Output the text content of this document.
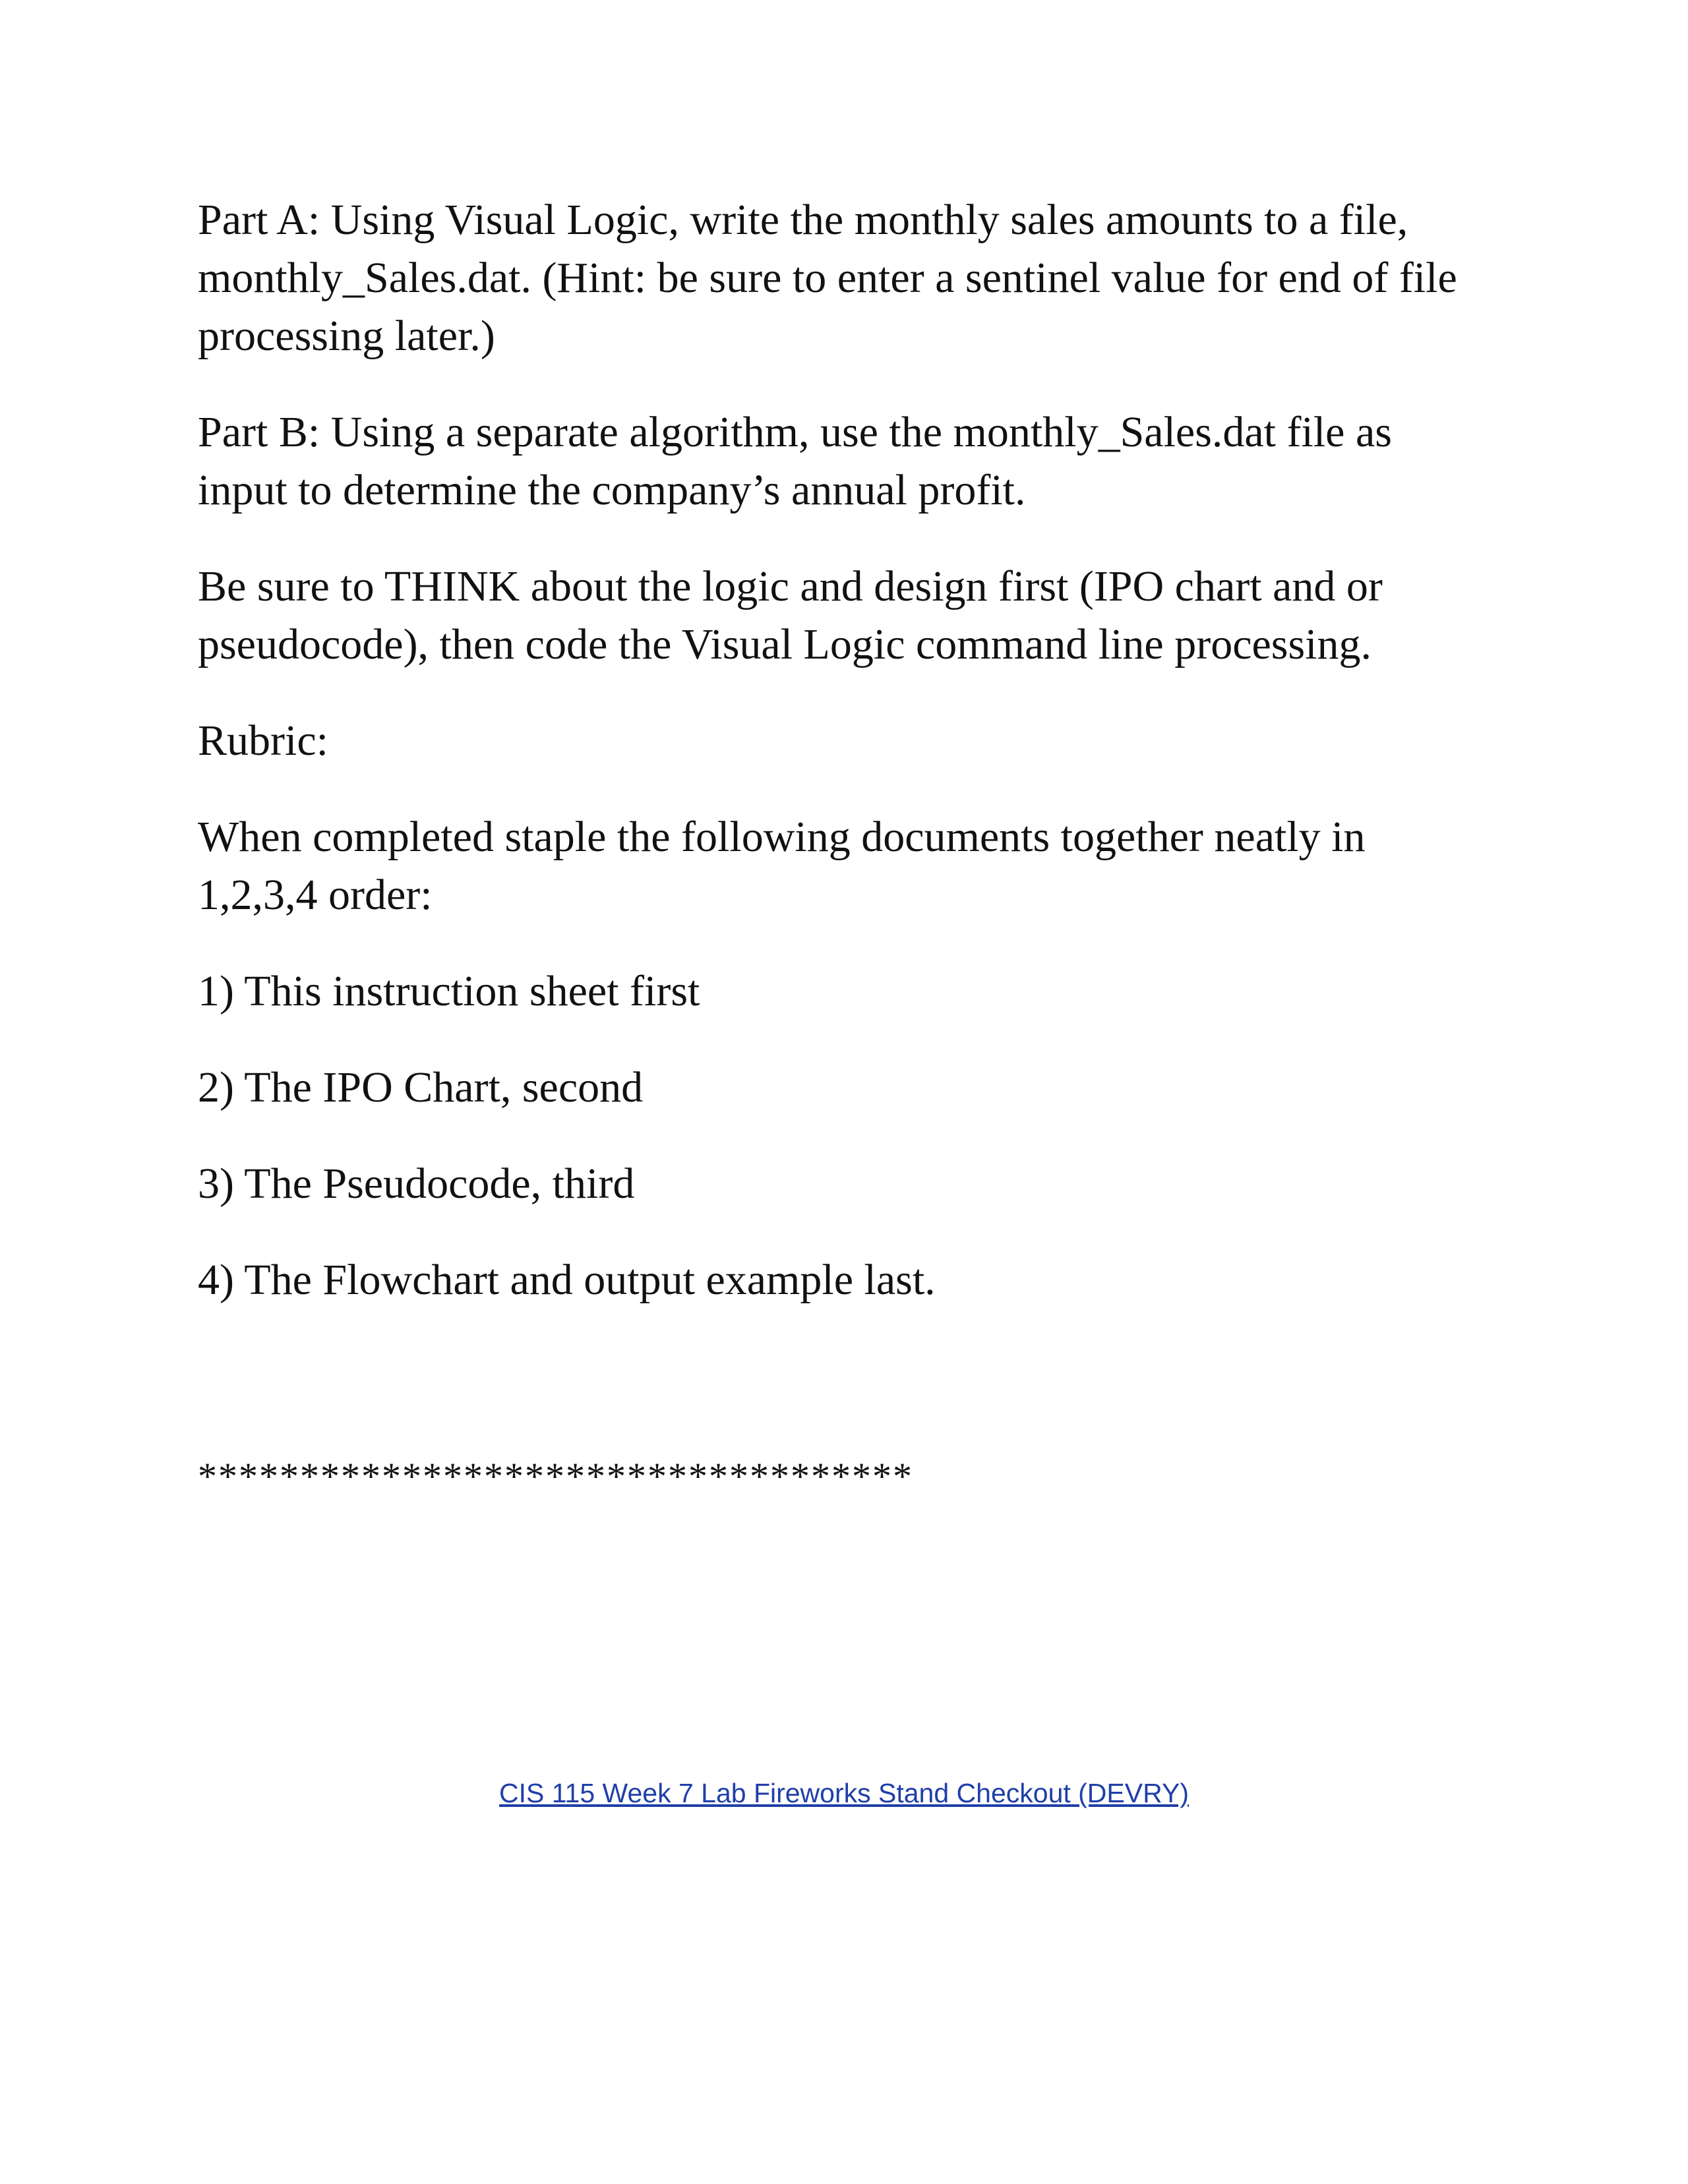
Part A: Using Visual Logic, write the monthly sales amounts to a file,

monthly_Sales.dat. (Hint: be sure to enter a sentinel value for end of file

processing later.)

Part B: Using a separate algorithm, use the monthly_Sales.dat file as

input to determine the company’s annual profit.

Be sure to THINK about the logic and design first (IPO chart and or

pseudocode), then code the Visual Logic command line processing.

Rubric:

When completed staple the following documents together neatly in

1,2,3,4 order:

1) This instruction sheet first

2) The IPO Chart, second

3) The Pseudocode, third

4) The Flowchart and output example last.

***********************************

CIS 115 Week 7 Lab Fireworks Stand Checkout (DEVRY)
